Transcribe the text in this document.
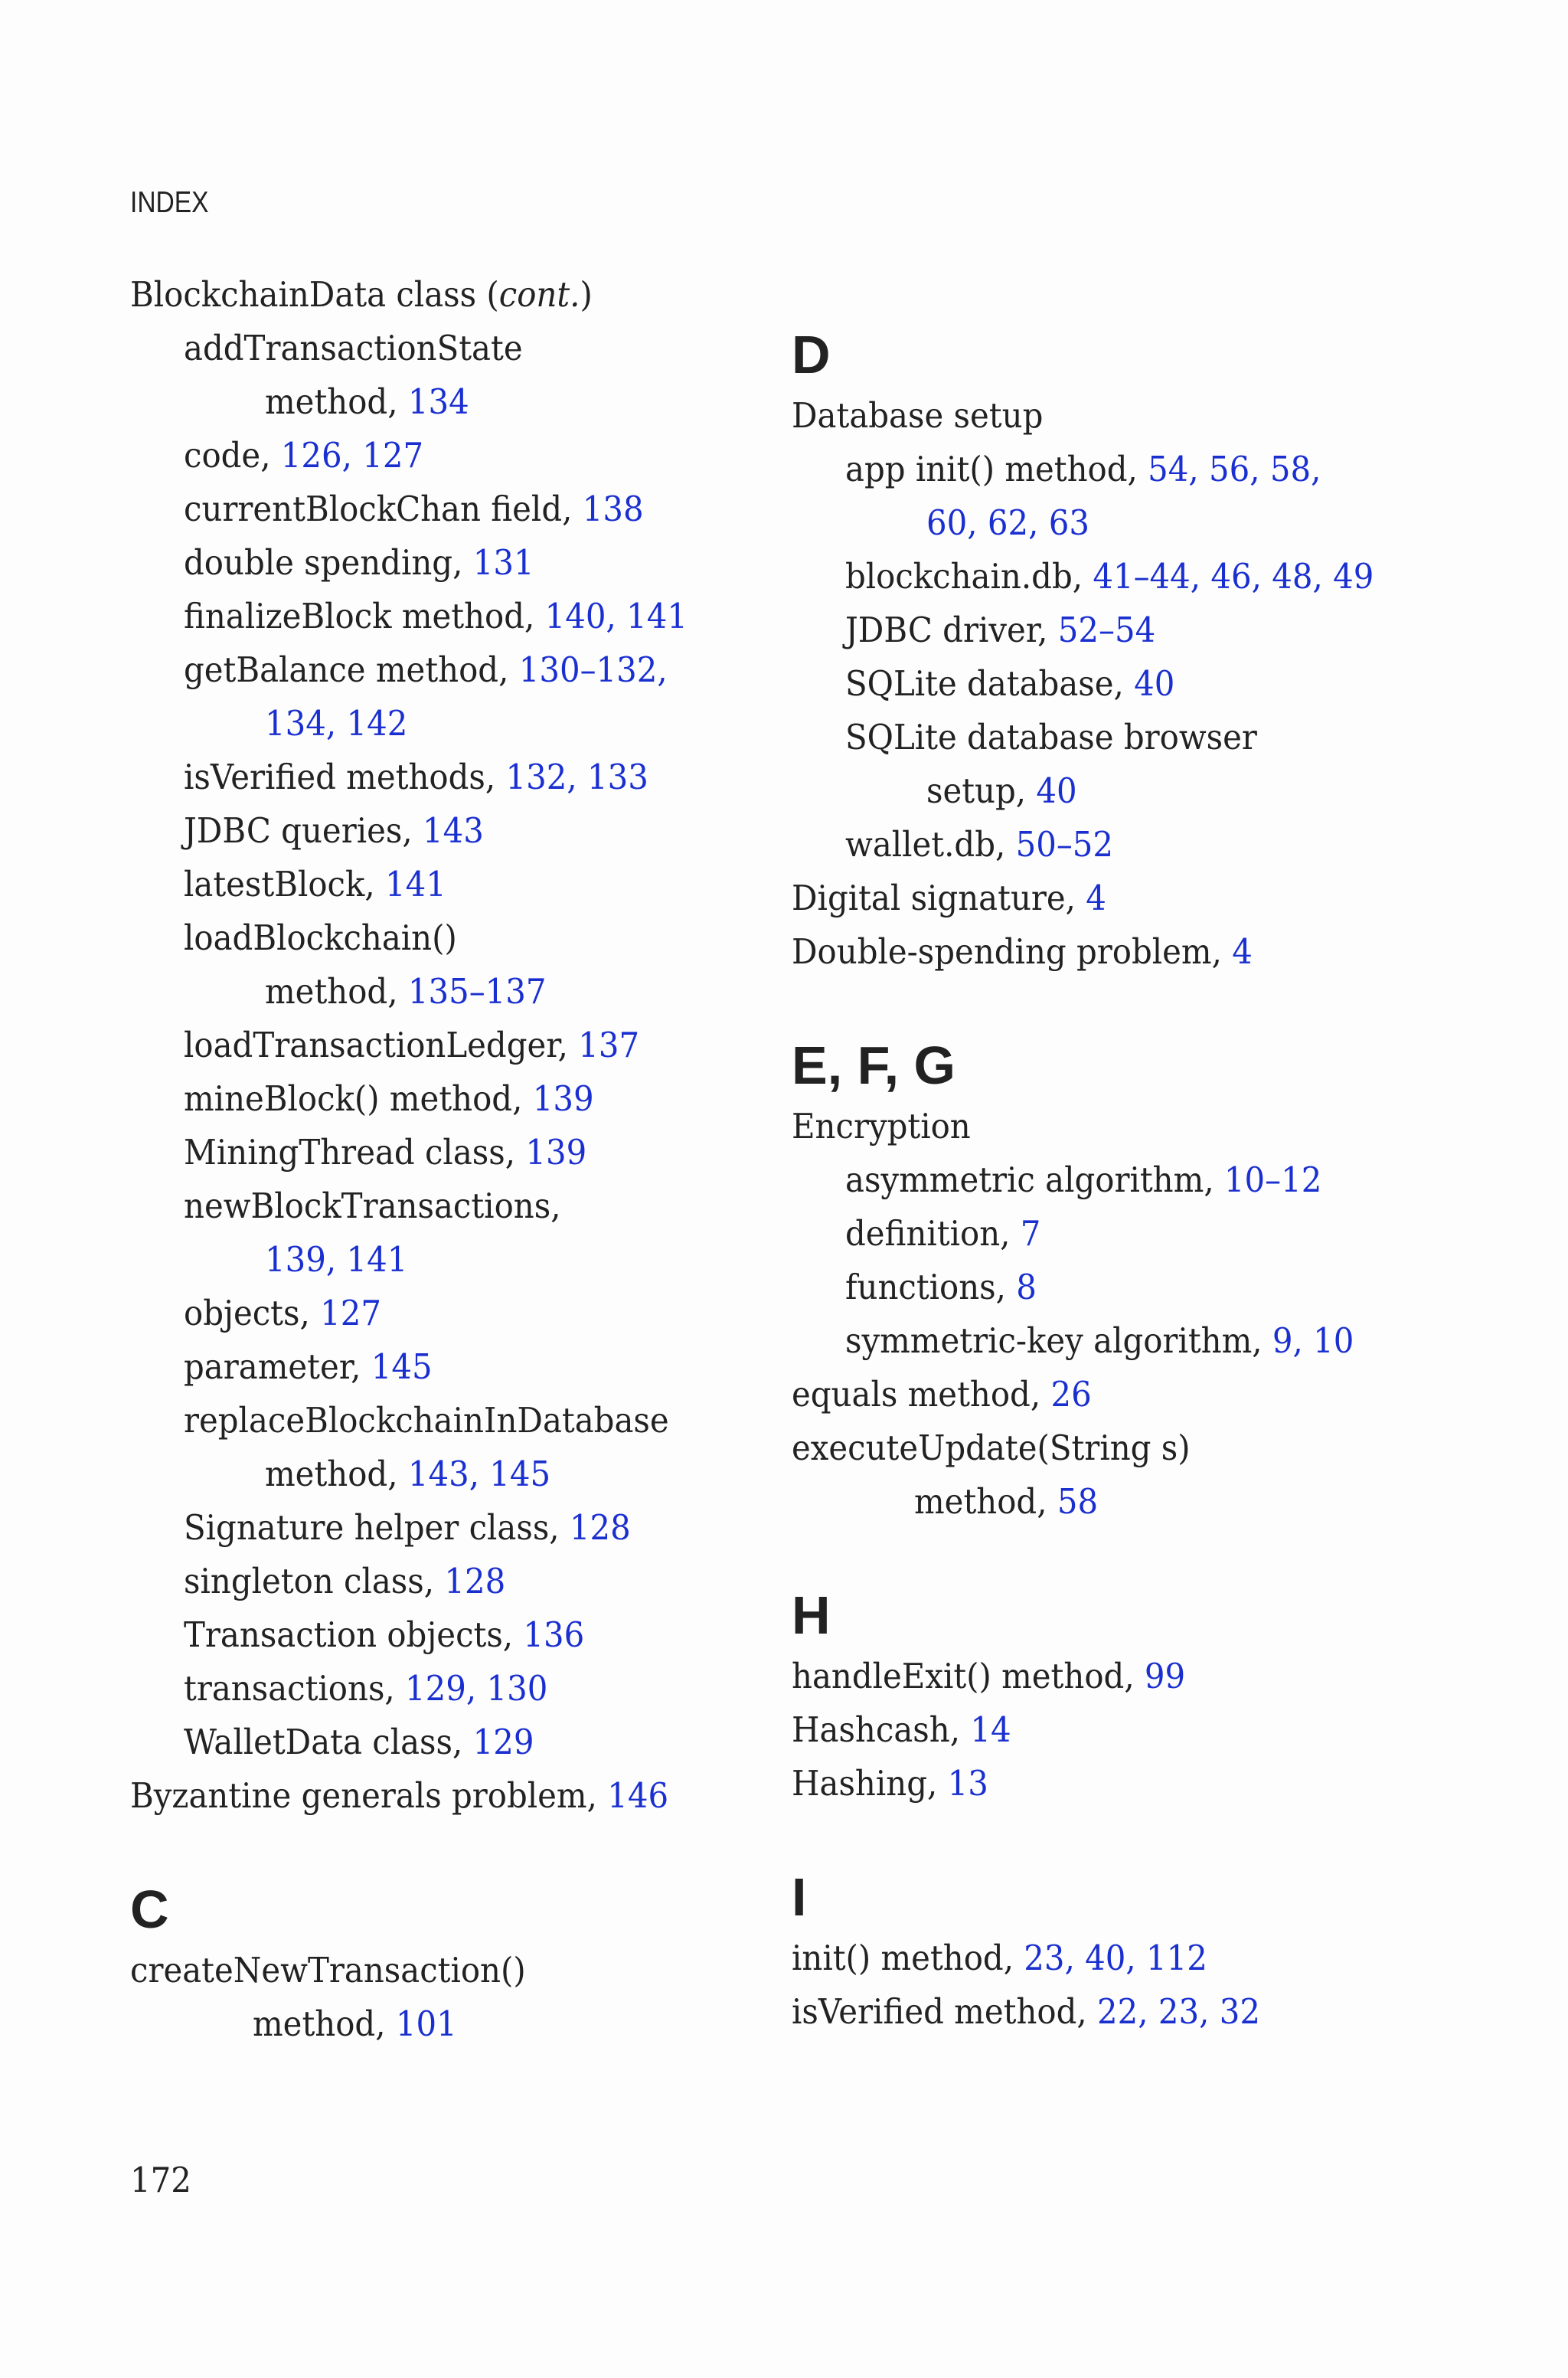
INDEX
BlockchainData class (cont.)
addTransactionState
method, 134
code, 126, 127
currentBlockChan field, 138
double spending, 131
finalizeBlock method, 140, 141
getBalance method, 130–132,
134, 142
isVerified methods, 132, 133
JDBC queries, 143
latestBlock, 141
loadBlockchain()
method, 135–137
loadTransactionLedger, 137
mineBlock() method, 139
MiningThread class, 139
newBlockTransactions,
139, 141
objects, 127
parameter, 145
replaceBlockchainInDatabase
method, 143, 145
Signature helper class, 128
singleton class, 128
Transaction objects, 136
transactions, 129, 130
WalletData class, 129
Byzantine generals problem, 146
C
createNewTransaction()
method, 101
D
Database setup
app init() method, 54, 56, 58,
60, 62, 63
blockchain.db, 41–44, 46, 48, 49
JDBC driver, 52–54
SQLite database, 40
SQLite database browser
setup, 40
wallet.db, 50–52
Digital signature, 4
Double-spending problem, 4
E, F, G
Encryption
asymmetric algorithm, 10–12
definition, 7
functions, 8
symmetric-key algorithm, 9, 10
equals method, 26
executeUpdate(String s)
method, 58
H
handleExit() method, 99
Hashcash, 14
Hashing, 13
I
init() method, 23, 40, 112
isVerified method, 22, 23, 32
172
